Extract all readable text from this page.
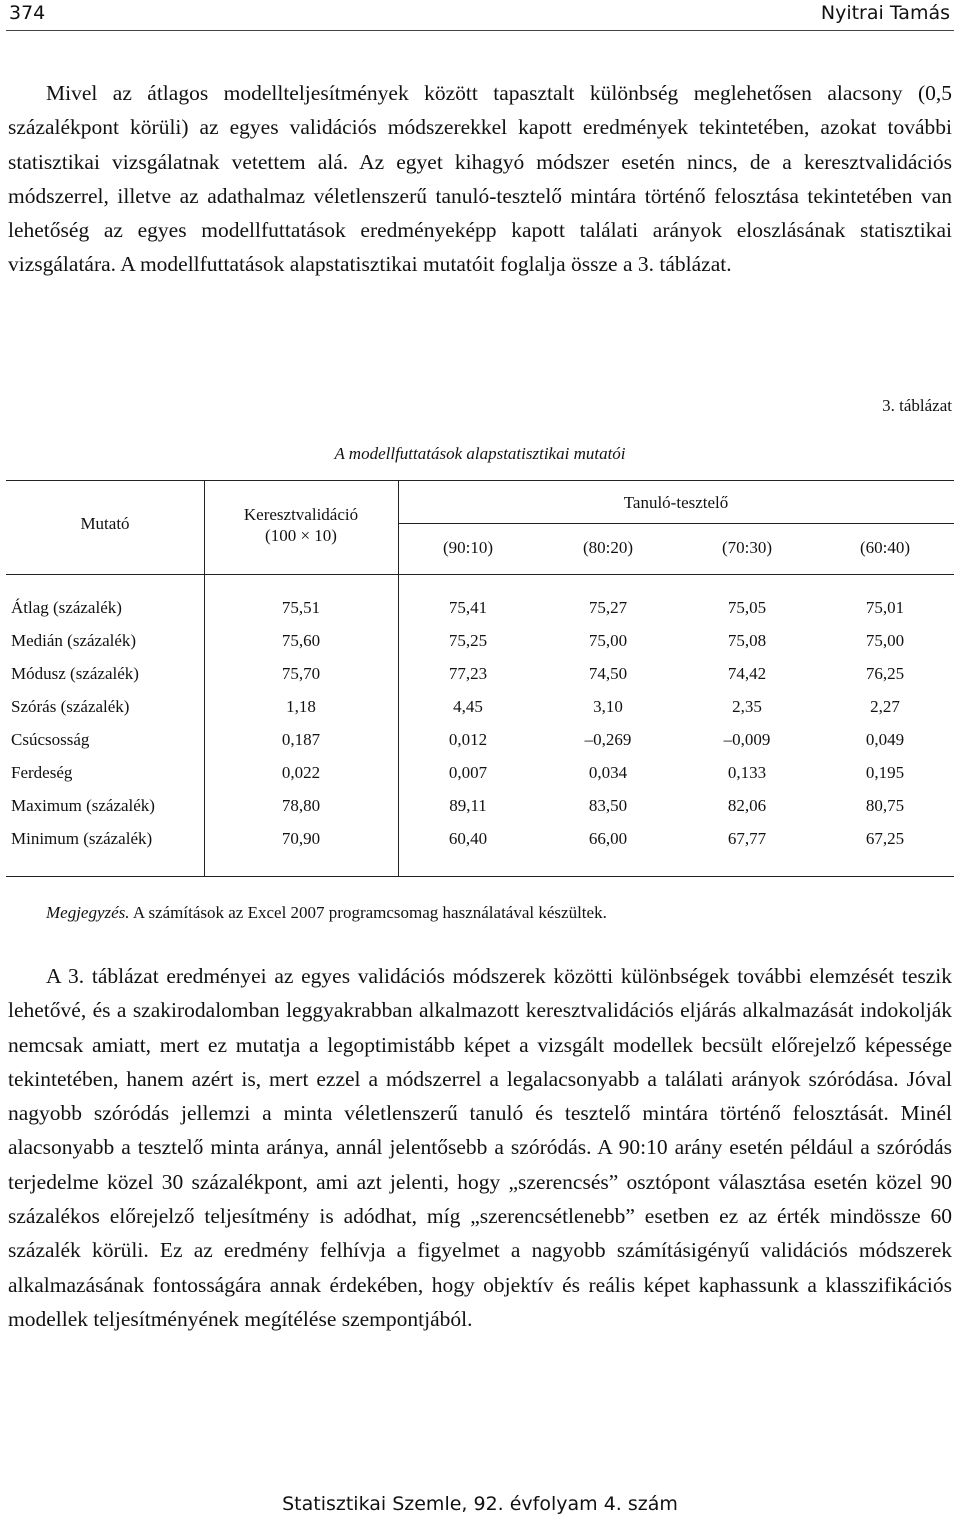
374	Nyitrai Tamás

Mivel az átlagos modellteljesítmények között tapasztalt különbség meglehetősen alacsony (0,5 százalékpont körüli) az egyes validációs módszerekkel kapott eredmények tekintetében, azokat további statisztikai vizsgálatnak vetettem alá. Az egyet kihagyó módszer esetén nincs, de a keresztvalidációs módszerrel, illetve az adathalmaz véletlenszerű tanuló-tesztelő mintára történő felosztása tekintetében van lehetőség az egyes modellfuttatások eredményeképp kapott találati arányok eloszlásának statisztikai vizsgálatára. A modellfuttatások alapstatisztikai mutatóit foglalja össze a 3. táblázat.

3. táblázat
A modellfuttatások alapstatisztikai mutatói
Mutató	Keresztvalidáció
(100 × 10)
Tanuló-tesztelő
(90:10)	(80:20)	(70:30)	(60:40)
Átlag (százalék)	75,51	75,41	75,27	75,05	75,01
Medián (százalék)	75,60	75,25	75,00	75,08	75,00
Módusz (százalék)	75,70	77,23	74,50	74,42	76,25
Szórás (százalék)	1,18	4,45	3,10	2,35	2,27
Csúcsosság	0,187	0,012	–0,269	–0,009	0,049
Ferdeség	0,022	0,007	0,034	0,133	0,195
Maximum (százalék)	78,80	89,11	83,50	82,06	80,75
Minimum (százalék)	70,90	60,40	66,00	67,77	67,25
Megjegyzés. A számítások az Excel 2007 programcsomag használatával készültek.

A 3. táblázat eredményei az egyes validációs módszerek közötti különbségek további elemzését teszik lehetővé, és a szakirodalomban leggyakrabban alkalmazott keresztvalidációs eljárás alkalmazását indokolják nemcsak amiatt, mert ez mutatja a legoptimistább képet a vizsgált modellek becsült előrejelző képessége tekintetében, hanem azért is, mert ezzel a módszerrel a legalacsonyabb a találati arányok szóródása. Jóval nagyobb szóródás jellemzi a minta véletlenszerű tanuló és tesztelő mintára történő felosztását. Minél alacsonyabb a tesztelő minta aránya, annál jelentősebb a szóródás. A 90:10 arány esetén például a szóródás terjedelme közel 30 százalékpont, ami azt jelenti, hogy „szerencsés” osztópont választása esetén közel 90 százalékos előrejelző teljesítmény is adódhat, míg „szerencsétlenebb” esetben ez az érték mindössze 60 százalék körüli. Ez az eredmény felhívja a figyelmet a nagyobb számításigényű validációs módszerek alkalmazásának fontosságára annak érdekében, hogy objektív és reális képet kaphassunk a klasszifikációs modellek teljesítményének megítélése szempontjából.

Statisztikai Szemle, 92. évfolyam 4. szám
